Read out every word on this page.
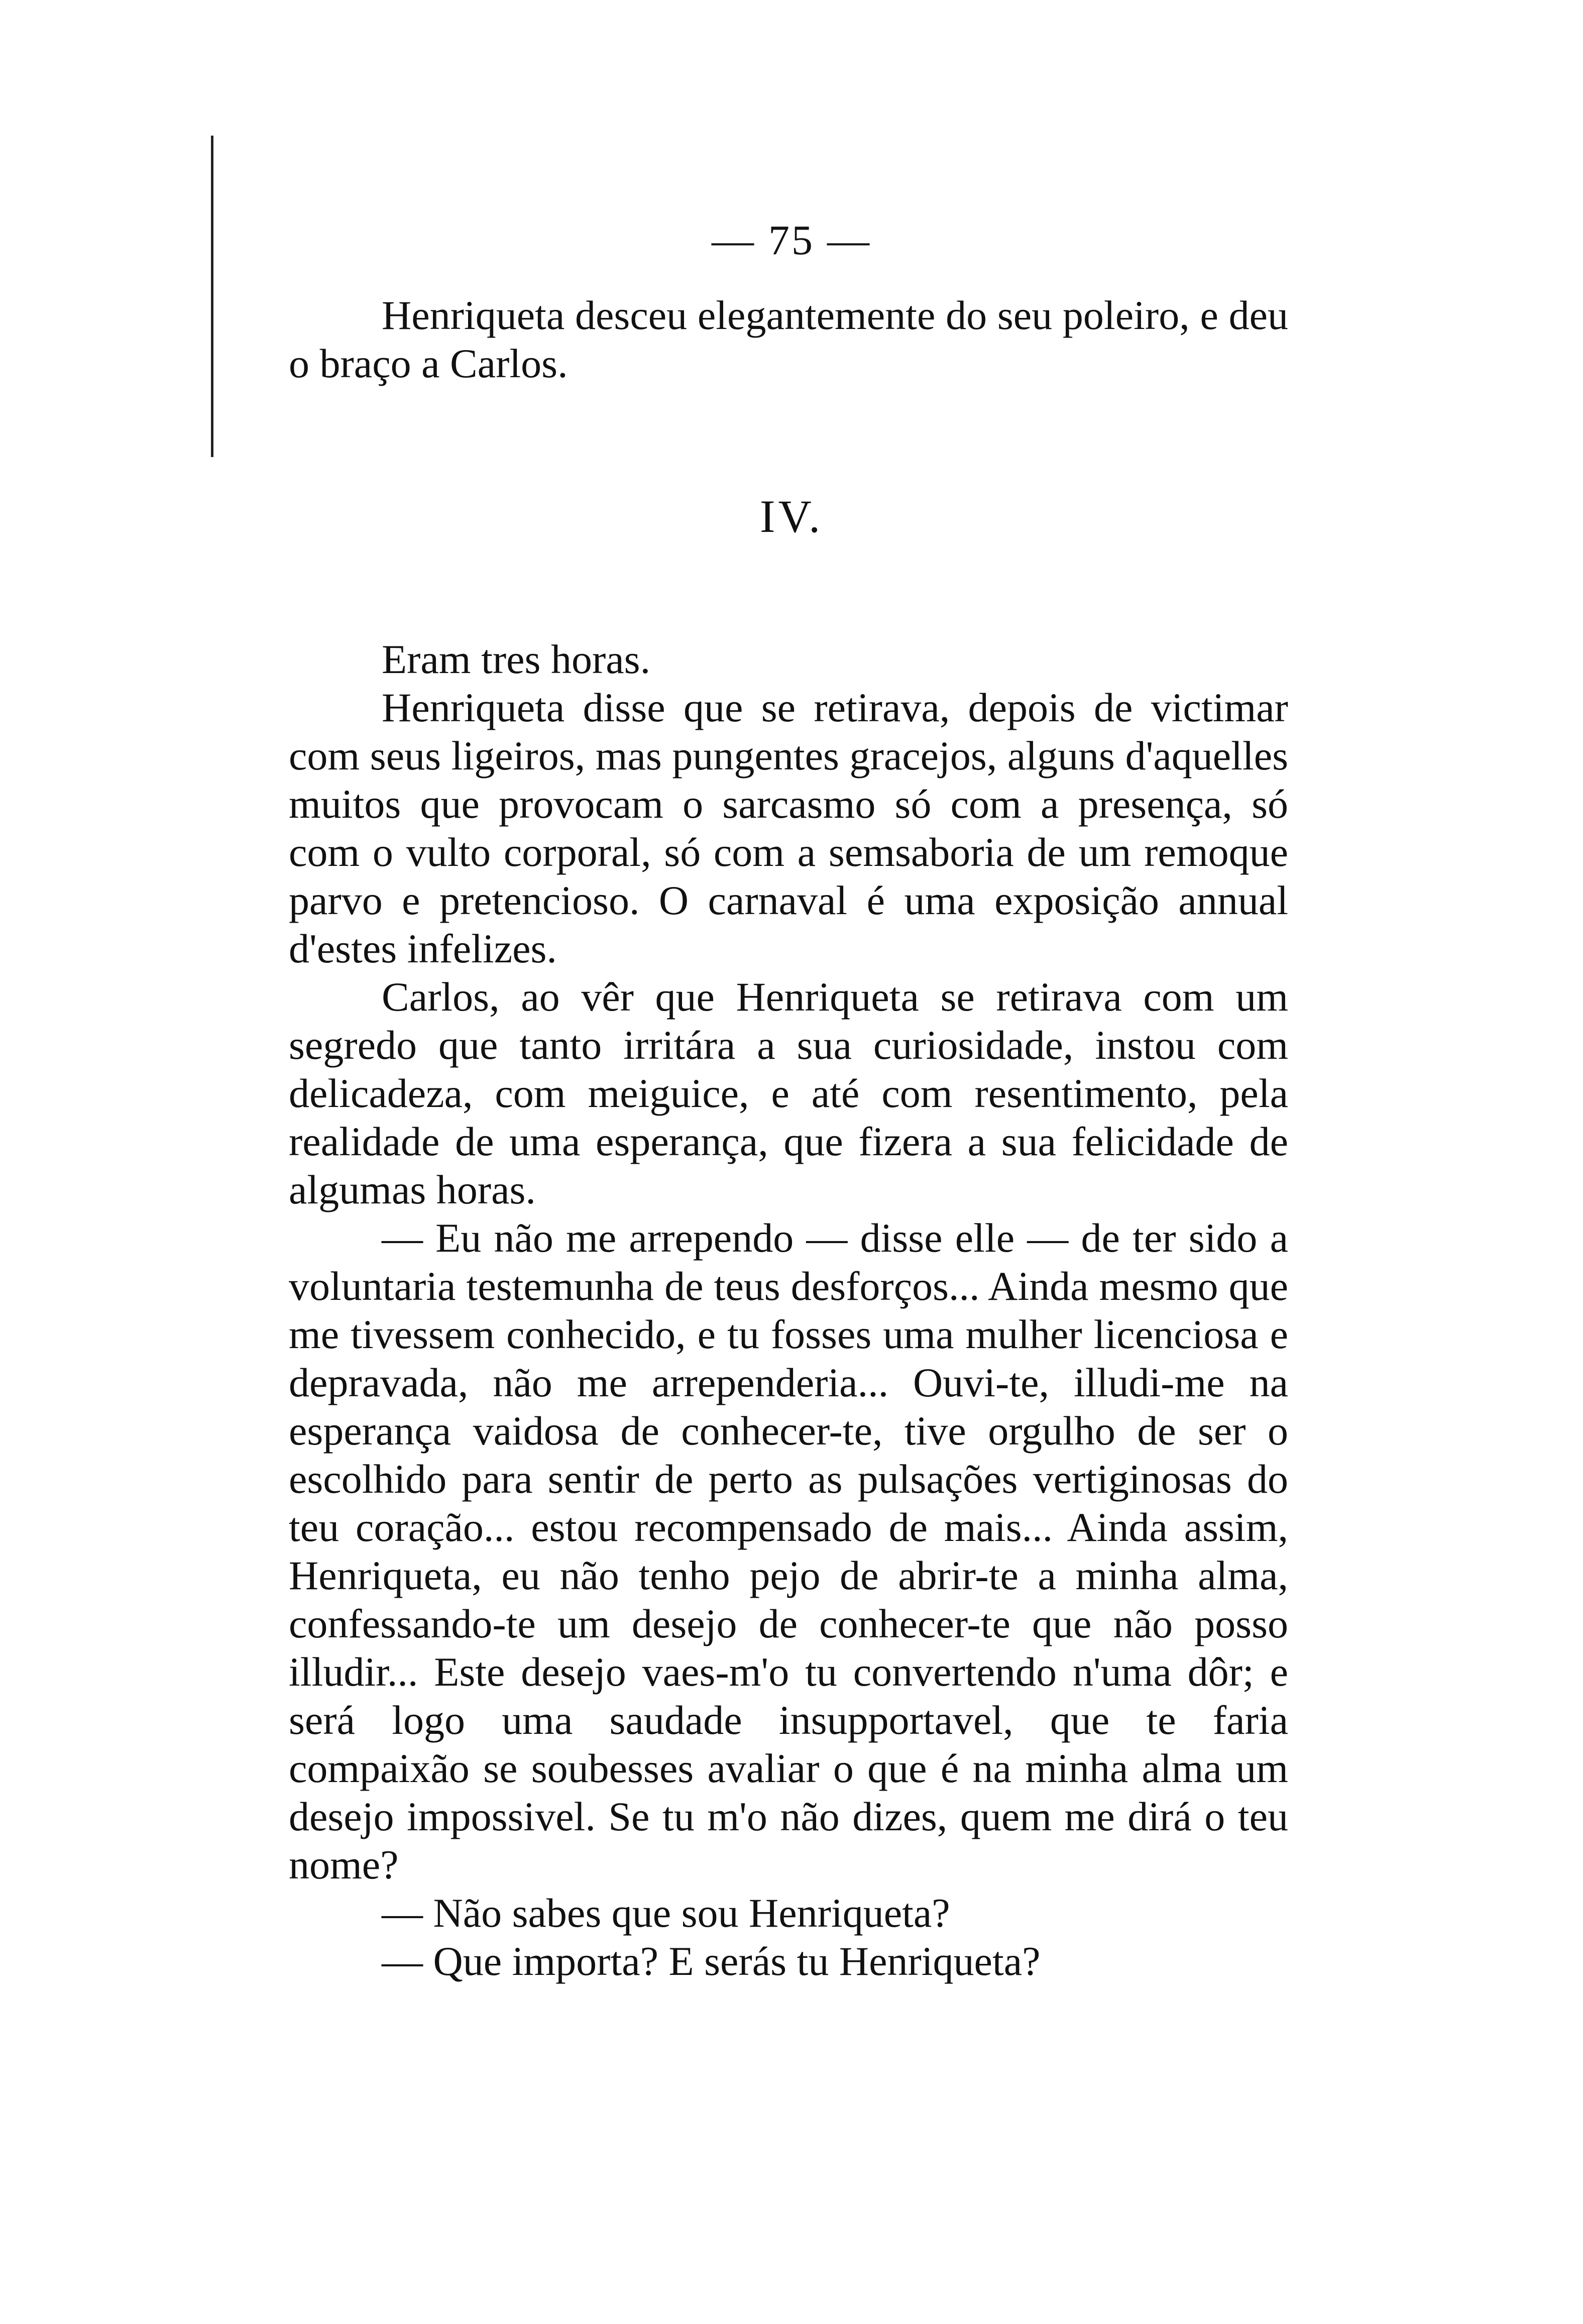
— 75 —

Henriqueta desceu elegantemente do seu poleiro, e deu o braço a Carlos.

IV.

Eram tres horas.

Henriqueta disse que se retirava, depois de victimar com seus ligeiros, mas pungentes gracejos, alguns d'aquelles muitos que provocam o sarcasmo só com a presença, só com o vulto corporal, só com a semsaboria de um remoque parvo e pretencioso. O carnaval é uma exposição annual d'estes infelizes.

Carlos, ao vêr que Henriqueta se retirava com um segredo que tanto irritára a sua curiosidade, instou com delicadeza, com meiguice, e até com resentimento, pela realidade de uma esperança, que fizera a sua felicidade de algumas horas.

— Eu não me arrependo — disse elle — de ter sido a voluntaria testemunha de teus desforços... Ainda mesmo que me tivessem conhecido, e tu fosses uma mulher licenciosa e depravada, não me arrependeria... Ouvi-te, illudi-me na esperança vaidosa de conhecer-te, tive orgulho de ser o escolhido para sentir de perto as pulsações vertiginosas do teu coração... estou recompensado de mais... Ainda assim, Henriqueta, eu não tenho pejo de abrir-te a minha alma, confessando-te um desejo de conhecer-te que não posso illudir... Este desejo vaes-m'o tu convertendo n'uma dôr; e será logo uma saudade insupportavel, que te faria compaixão se soubesses avaliar o que é na minha alma um desejo impossivel. Se tu m'o não dizes, quem me dirá o teu nome?

— Não sabes que sou Henriqueta?

— Que importa? E serás tu Henriqueta?
